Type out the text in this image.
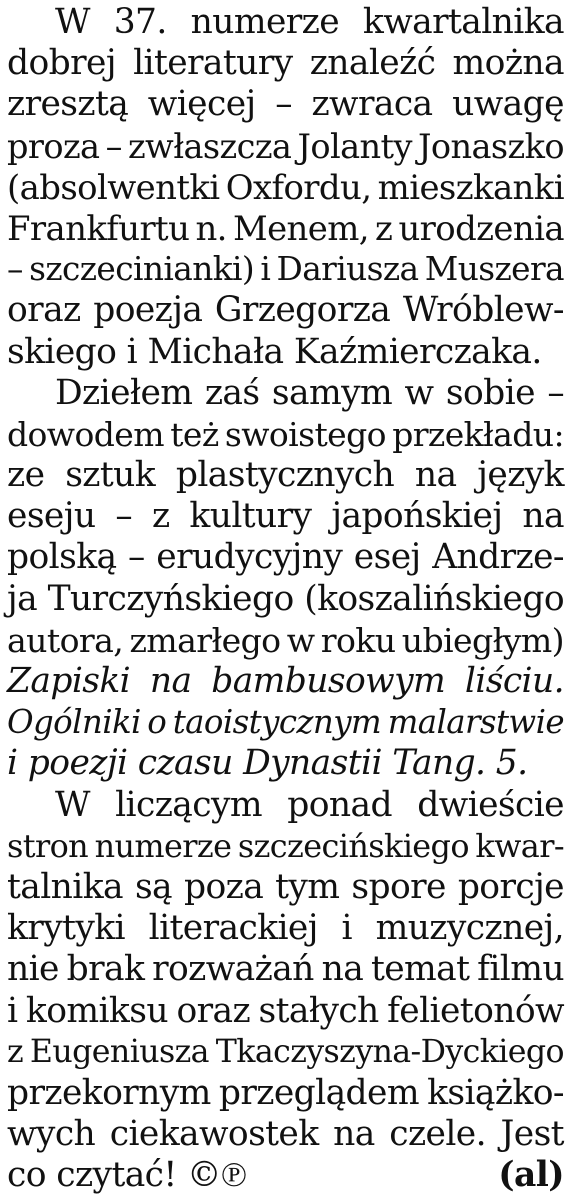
W 37. numerze kwartalnika
dobrej literatury znaleźć można
zresztą więcej – zwraca uwagę
proza – zwłaszcza Jolanty Jonaszko
(absolwentki Oxfordu, mieszkanki
Frankfurtu n. Menem, z urodzenia
– szczecinianki) i Dariusza Muszera
oraz poezja Grzegorza Wróblew-
skiego i Michała Kaźmierczaka.
Dziełem zaś samym w sobie –
dowodem też swoistego przekładu:
ze sztuk plastycznych na język
eseju – z kultury japońskiej na
polską – erudycyjny esej Andrze-
ja Turczyńskiego (koszalińskiego
autora, zmarłego w roku ubiegłym)
Zapiski na bambusowym liściu.
Ogólniki o taoistycznym malarstwie
i poezji czasu Dynastii Tang. 5.
W liczącym ponad dwieście
stron numerze szczecińskiego kwar-
talnika są poza tym spore porcje
krytyki literackiej i muzycznej,
nie brak rozważań na temat filmu
i komiksu oraz stałych felietonów
z Eugeniusza Tkaczyszyna-Dyckiego
przekornym przeglądem książko-
wych ciekawostek na czele. Jest
co czytać! ©℗	(al)
